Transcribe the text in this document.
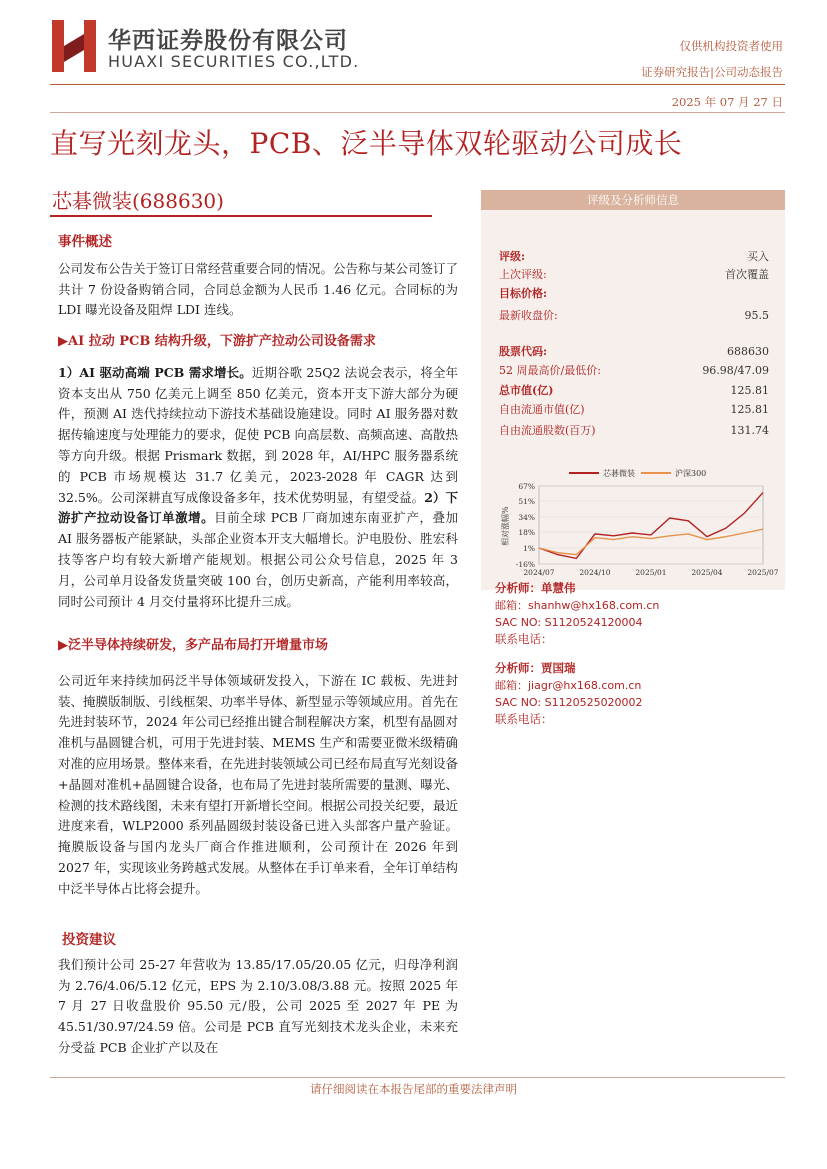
华西证券股份有限公司
HUAXI SECURITIES CO.,LTD.
仅供机构投资者使用
证券研究报告|公司动态报告
2025 年 07 月 27 日
直写光刻龙头，PCB、泛半导体双轮驱动公司成长
芯碁微装(688630)
事件概述

公司发布公告关于签订日常经营重要合同的情况。公告称与某公司签订了共计 7 份设备购销合同，合同总金额为人民币 1.46 亿元。合同标的为 LDI 曝光设备及阻焊 LDI 连线。

▶AI 拉动 PCB 结构升级，下游扩产拉动公司设备需求

1）AI 驱动高端 PCB 需求增长。近期谷歌 25Q2 法说会表示，将全年资本支出从 750 亿美元上调至 850 亿美元，资本开支下游大部分为硬件，预测 AI 迭代持续拉动下游技术基础设施建设。同时 AI 服务器对数据传输速度与处理能力的要求，促使 PCB 向高层数、高频高速、高散热等方向升级。根据 Prismark 数据，到 2028 年，AI/HPC 服务器系统的 PCB 市场规模达 31.7 亿美元，2023-2028 年 CAGR 达到 32.5%。公司深耕直写成像设备多年，技术优势明显，有望受益。2）下游扩产拉动设备订单激增。目前全球 PCB 厂商加速东南亚扩产，叠加 AI 服务器板产能紧缺，头部企业资本开支大幅增长。沪电股份、胜宏科技等客户均有较大新增产能规划。根据公司公众号信息，2025 年 3 月，公司单月设备发货量突破 100 台，创历史新高，产能利用率较高，同时公司预计 4 月交付量将环比提升三成。

▶泛半导体持续研发，多产品布局打开增量市场

公司近年来持续加码泛半导体领域研发投入，下游在 IC 载板、先进封装、掩膜版制版、引线框架、功率半导体、新型显示等领域应用。首先在先进封装环节，2024 年公司已经推出键合制程解决方案，机型有晶圆对准机与晶圆键合机，可用于先进封装、MEMS 生产和需要亚微米级精确对准的应用场景。整体来看，在先进封装领域公司已经布局直写光刻设备+晶圆对准机+晶圆键合设备，也布局了先进封装所需要的量测、曝光、检测的技术路线图，未来有望打开新增长空间。根据公司投关纪要，最近进度来看，WLP2000 系列晶圆级封装设备已进入头部客户量产验证。掩膜版设备与国内龙头厂商合作推进顺利，公司预计在 2026 年到 2027 年，实现该业务跨越式发展。从整体在手订单来看，全年订单结构中泛半导体占比将会提升。

投资建议

我们预计公司 25-27 年营收为 13.85/17.05/20.05 亿元，归母净利润为 2.76/4.06/5.12 亿元，EPS 为 2.10/3.08/3.88 元。按照 2025 年 7 月 27 日收盘股价 95.50 元/股，公司 2025 至 2027 年 PE 为 45.51/30.97/24.59 倍。公司是 PCB 直写光刻技术龙头企业，未来充分受益 PCB 企业扩产以及在

评级及分析师信息
评级:	买入
上次评级:	首次覆盖
目标价格:
最新收盘价:	95.5
股票代码:	688630
52 周最高价/最低价:	96.98/47.09
总市值(亿)	125.81
自由流通市值(亿)	125.81
自由流通股数(百万)	131.74
芯碁微装	沪深300
相对涨幅%
67%
51%
34%
18%
1%
-16%
2024/07	2024/10	2025/01	2025/04	2025/07
分析师：单慧伟
邮箱：shanhw@hx168.com.cn
SAC NO: S1120524120004
联系电话：
分析师：贾国瑞
邮箱：jiagr@hx168.com.cn
SAC NO: S1120525020002
联系电话：
请仔细阅读在本报告尾部的重要法律声明
